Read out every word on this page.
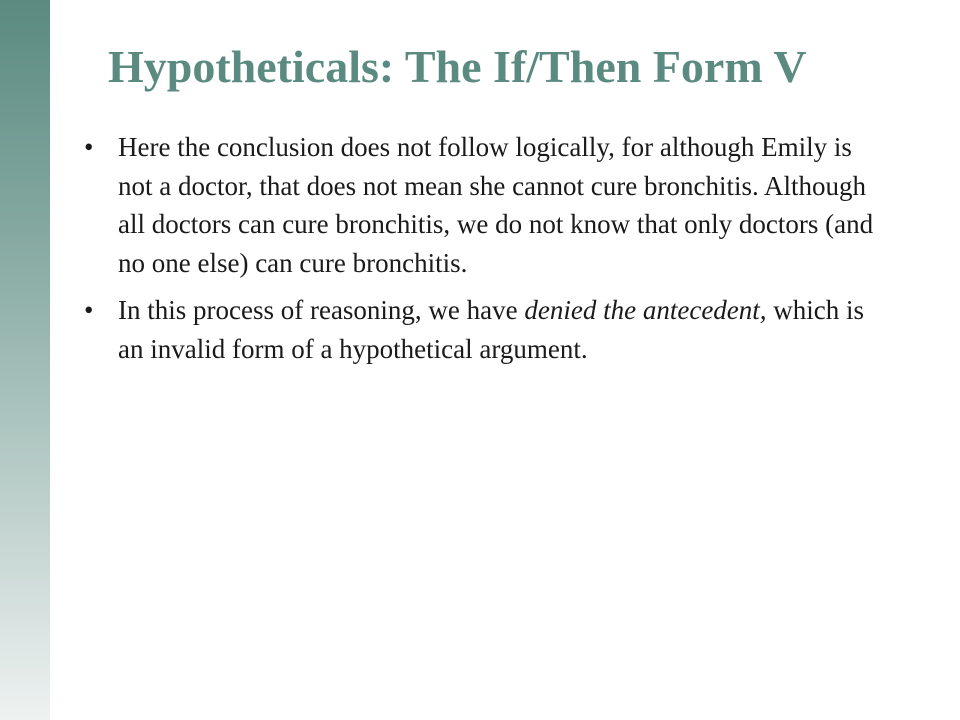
Hypotheticals: The If/Then Form V
• Here the conclusion does not follow logically, for although Emily is not a doctor, that does not mean she cannot cure bronchitis. Although all doctors can cure bronchitis, we do not know that only doctors (and no one else) can cure bronchitis.
• In this process of reasoning, we have denied the antecedent, which is an invalid form of a hypothetical argument.
